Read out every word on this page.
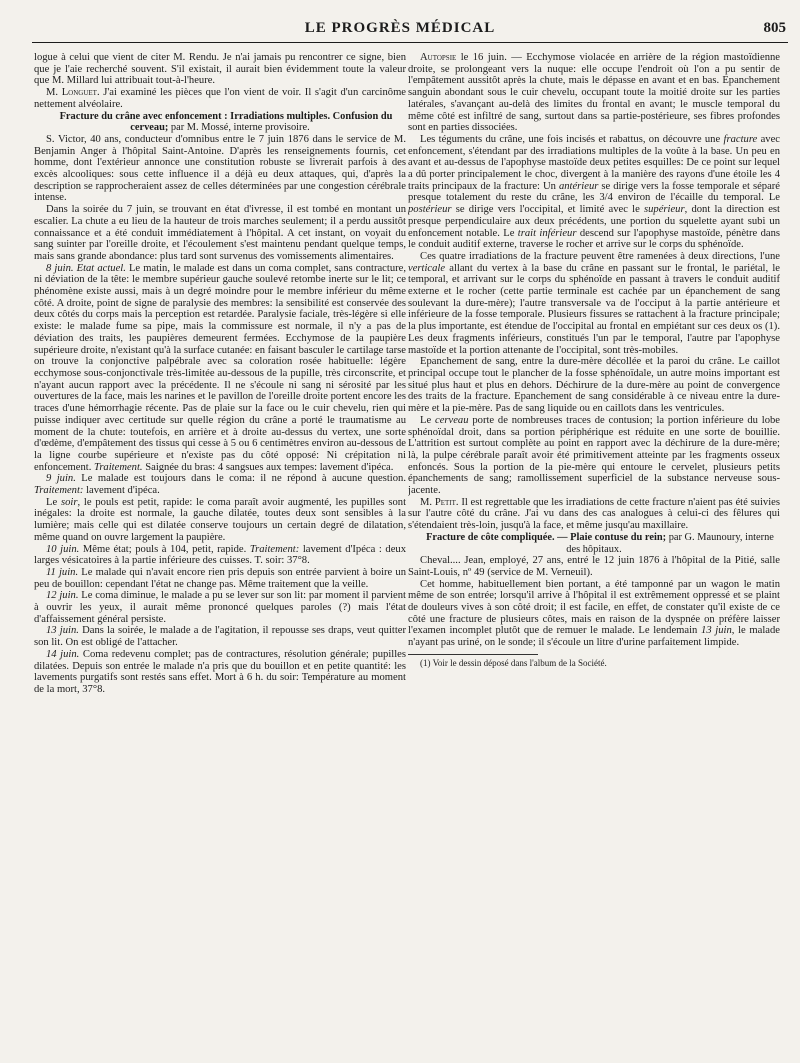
LE PROGRÈS MÉDICAL	805

logue à celui que vient de citer M. Rendu. Je n'ai jamais pu rencontrer ce signe, bien que je l'aie recherché souvent. S'il existait, il aurait bien évidemment toute la valeur que M. Millard lui attribuait tout-à-l'heure.

M. Longuet. J'ai examiné les pièces que l'on vient de voir. Il s'agit d'un carcinôme nettement alvéolaire.

Fracture du crâne avec enfoncement : Irradiations multiples. Confusion du cerveau; par M. Mossé, interne provisoire.

S. Victor, 40 ans, conducteur d'omnibus entre le 7 juin 1876 dans le service de M. Benjamin Anger à l'hôpital Saint-Antoine. D'après les renseignements fournis, cet homme, dont l'extérieur annonce une constitution robuste se livrerait parfois à des excès alcooliques: sous cette influence il a déjà eu deux attaques, qui, d'après la description se rapprocheraient assez de celles déterminées par une congestion cérébrale intense.

Dans la soirée du 7 juin, se trouvant en état d'ivresse, il est tombé en montant un escalier. La chute a eu lieu de la hauteur de trois marches seulement; il a perdu aussitôt connaissance et a été conduit immédiatement à l'hôpital. A cet instant, on voyait du sang suinter par l'oreille droite, et l'écoulement s'est maintenu pendant quelque temps, mais sans grande abondance: plus tard sont survenus des vomissements alimentaires.

8 juin. Etat actuel. Le matin, le malade est dans un coma complet, sans contracture, ni déviation de la tête: le membre supérieur gauche soulevé retombe inerte sur le lit; ce phénomène existe aussi, mais à un degré moindre pour le membre inférieur du même côté. A droite, point de signe de paralysie des membres: la sensibilité est conservée des deux côtés du corps mais la perception est retardée. Paralysie faciale, très-légère si elle existe: le malade fume sa pipe, mais la commissure est normale, il n'y a pas de déviation des traits, les paupières demeurent fermées. Ecchymose de la paupière supérieure droite, n'existant qu'à la surface cutanée: en faisant basculer le cartilage tarse on trouve la conjonctive palpébrale avec sa coloration rosée habituelle: légère ecchymose sous-conjonctivale très-limitée au-dessous de la pupille, très circonscrite, et n'ayant aucun rapport avec la précédente. Il ne s'écoule ni sang ni sérosité par les ouvertures de la face, mais les narines et le pavillon de l'oreille droite portent encore les traces d'une hémorrhagie récente. Pas de plaie sur la face ou le cuir chevelu, rien qui puisse indiquer avec certitude sur quelle région du crâne a porté le traumatisme au moment de la chute: toutefois, en arrière et à droite au-dessus du vertex, une sorte d'œdème, d'empâtement des tissus qui cesse à 5 ou 6 centimètres environ au-dessous de la ligne courbe supérieure et n'existe pas du côté opposé: Ni crépitation ni enfoncement. Traitement. Saignée du bras: 4 sangsues aux tempes: lavement d'ipéca.

9 juin. Le malade est toujours dans le coma: il ne répond à aucune question. Traitement: lavement d'ipéca.

Le soir, le pouls est petit, rapide: le coma paraît avoir augmenté, les pupilles sont inégales: la droite est normale, la gauche dilatée, toutes deux sont sensibles à la lumière; mais celle qui est dilatée conserve toujours un certain degré de dilatation, même quand on ouvre largement la paupière.

10 juin. Même état; pouls à 104, petit, rapide. Traitement: lavement d'Ipéca : deux larges vésicatoires à la partie inférieure des cuisses. T. soir: 37°8.

11 juin. Le malade qui n'avait encore rien pris depuis son entrée parvient à boire un peu de bouillon: cependant l'état ne change pas. Même traitement que la veille.

12 juin. Le coma diminue, le malade a pu se lever sur son lit: par moment il parvient à ouvrir les yeux, il aurait même prononcé quelques paroles (?) mais l'état d'affaissement général persiste.

13 juin. Dans la soirée, le malade a de l'agitation, il repousse ses draps, veut quitter son lit. On est obligé de l'attacher.

14 juin. Coma redevenu complet; pas de contractures, résolution générale; pupilles dilatées. Depuis son entrée le malade n'a pris que du bouillon et en petite quantité: les lavements purgatifs sont restés sans effet. Mort à 6 h. du soir: Température au moment de la mort, 37°8.

Autopsie le 16 juin. — Ecchymose violacée en arrière de la région mastoïdienne droite, se prolongeant vers la nuque: elle occupe l'endroit où l'on a pu sentir de l'empâtement aussitôt après la chute, mais le dépasse en avant et en bas. Epanchement sanguin abondant sous le cuir chevelu, occupant toute la moitié droite sur les parties latérales, s'avançant au-delà des limites du frontal en avant; le muscle temporal du même côté est infiltré de sang, surtout dans sa partie-postérieure, ses fibres profondes sont en parties dissociées.

Les téguments du crâne, une fois incisés et rabattus, on découvre une fracture avec enfoncement, s'étendant par des irradiations multiples de la voûte à la base. Un peu en avant et au-dessus de l'apophyse mastoïde deux petites esquilles: De ce point sur lequel a dû porter principalement le choc, divergent à la manière des rayons d'une étoile les 4 traits principaux de la fracture: Un antérieur se dirige vers la fosse temporale et séparé presque totalement du reste du crâne, les 3/4 environ de l'écaille du temporal. Le postérieur se dirige vers l'occipital, et limité avec le supérieur, dont la direction est presque perpendiculaire aux deux précédents, une portion du squelette ayant subi un enfoncement notable. Le trait inférieur descend sur l'apophyse mastoïde, pénètre dans le conduit auditif externe, traverse le rocher et arrive sur le corps du sphénoïde.

Ces quatre irradiations de la fracture peuvent être ramenées à deux directions, l'une verticale allant du vertex à la base du crâne en passant sur le frontal, le pariétal, le temporal, et arrivant sur le corps du sphénoïde en passant à travers le conduit auditif externe et le rocher (cette partie terminale est cachée par un épanchement de sang soulevant la dure-mère); l'autre transversale va de l'occiput à la partie antérieure et inférieure de la fosse temporale. Plusieurs fissures se rattachent à la fracture principale; la plus importante, est étendue de l'occipital au frontal en empiétant sur ces deux os (1). Les deux fragments inférieurs, constitués l'un par le temporal, l'autre par l'apophyse mastoïde et la portion attenante de l'occipital, sont très-mobiles.

Epanchement de sang, entre la dure-mère décollée et la paroi du crâne. Le caillot principal occupe tout le plancher de la fosse sphénoïdale, un autre moins important est situé plus haut et plus en dehors. Déchirure de la dure-mère au point de convergence des traits de la fracture. Epanchement de sang considérable à ce niveau entre la dure-mère et la pie-mère. Pas de sang liquide ou en caillots dans les ventricules.

Le cerveau porte de nombreuses traces de contusion; la portion inférieure du lobe sphénoïdal droit, dans sa portion périphérique est réduite en une sorte de bouillie. L'attrition est surtout complète au point en rapport avec la déchirure de la dure-mère; là, la pulpe cérébrale paraît avoir été primitivement atteinte par les fragments osseux enfoncés. Sous la portion de la pie-mère qui entoure le cervelet, plusieurs petits épanchements de sang; ramollissement superficiel de la substance nerveuse sous-jacente.

M. Petit. Il est regrettable que les irradiations de cette fracture n'aient pas été suivies sur l'autre côté du crâne. J'ai vu dans des cas analogues à celui-ci des fêlures qui s'étendaient très-loin, jusqu'à la face, et même jusqu'au maxillaire.

Fracture de côte compliquée. — Plaie contuse du rein; par G. Maunoury, interne des hôpitaux.

Cheval.... Jean, employé, 27 ans, entré le 12 juin 1876 à l'hôpital de la Pitié, salle Saint-Louis, nº 49 (service de M. Verneuil).

Cet homme, habituellement bien portant, a été tamponné par un wagon le matin même de son entrée; lorsqu'il arrive à l'hôpital il est extrêmement oppressé et se plaint de douleurs vives à son côté droit; il est facile, en effet, de constater qu'il existe de ce côté une fracture de plusieurs côtes, mais en raison de la dyspnée on préfère laisser l'examen incomplet plutôt que de remuer le malade. Le lendemain 13 juin, le malade n'ayant pas uriné, on le sonde; il s'écoule un litre d'urine parfaitement limpide.

(1) Voir le dessin déposé dans l'album de la Société.
